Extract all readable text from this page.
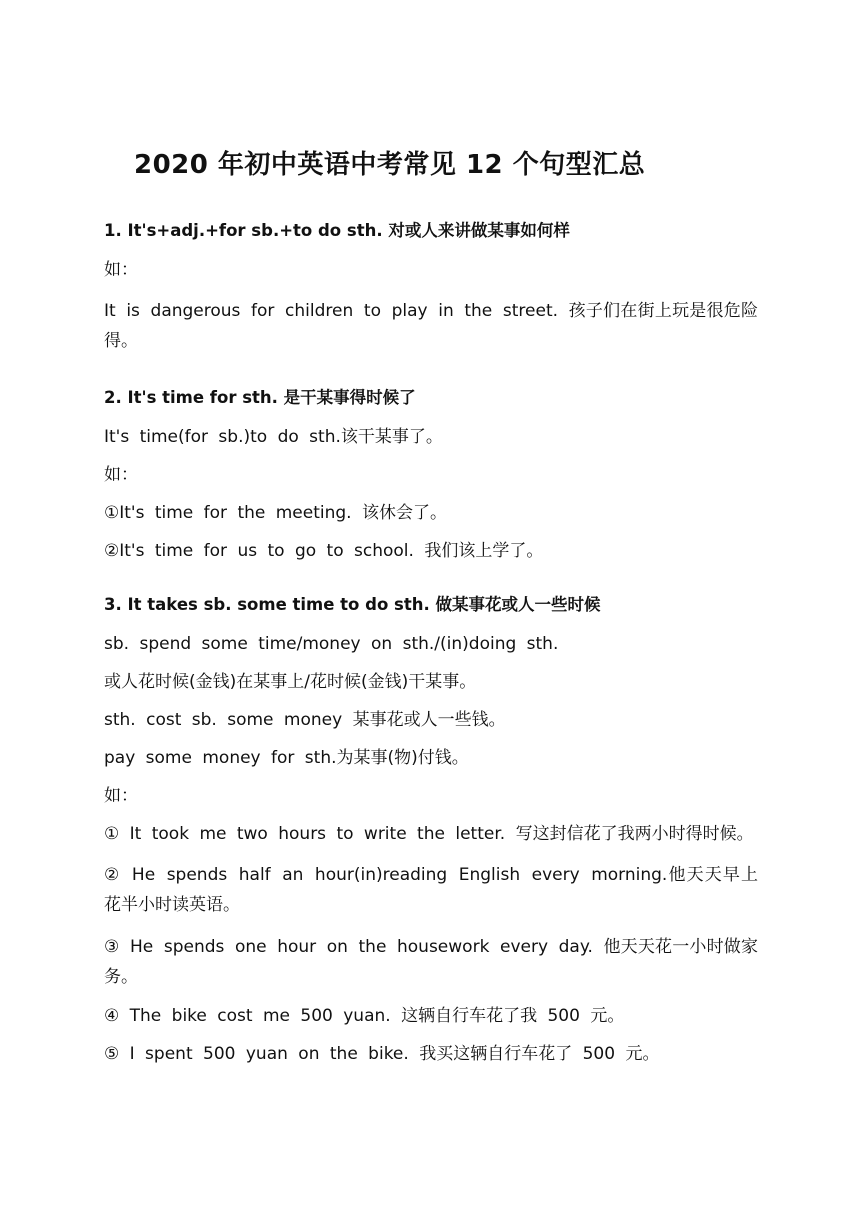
2020 年初中英语中考常见 12 个句型汇总

1. It's+adj.+for sb.+to do sth. 对或人来讲做某事如何样

如：

It is dangerous for children to play in the street. 孩子们在街上玩是很危险得。

2. It's time for sth. 是干某事得时候了

It's time(for sb.)to do sth.该干某事了。

如：

①It's time for the meeting. 该休会了。

②It's time for us to go to school. 我们该上学了。

3. It takes sb. some time to do sth. 做某事花或人一些时候

sb. spend some time/money on sth./(in)doing sth.

或人花时候(金钱)在某事上/花时候(金钱)干某事。

sth. cost sb. some money 某事花或人一些钱。

pay some money for sth.为某事(物)付钱。

如：

① It took me two hours to write the letter. 写这封信花了我两小时得时候。

② He spends half an hour(in)reading English every morning.他天天早上花半小时读英语。

③ He spends one hour on the housework every day. 他天天花一小时做家务。

④ The bike cost me 500 yuan. 这辆自行车花了我 500 元。

⑤ I spent 500 yuan on the bike. 我买这辆自行车花了 500 元。
